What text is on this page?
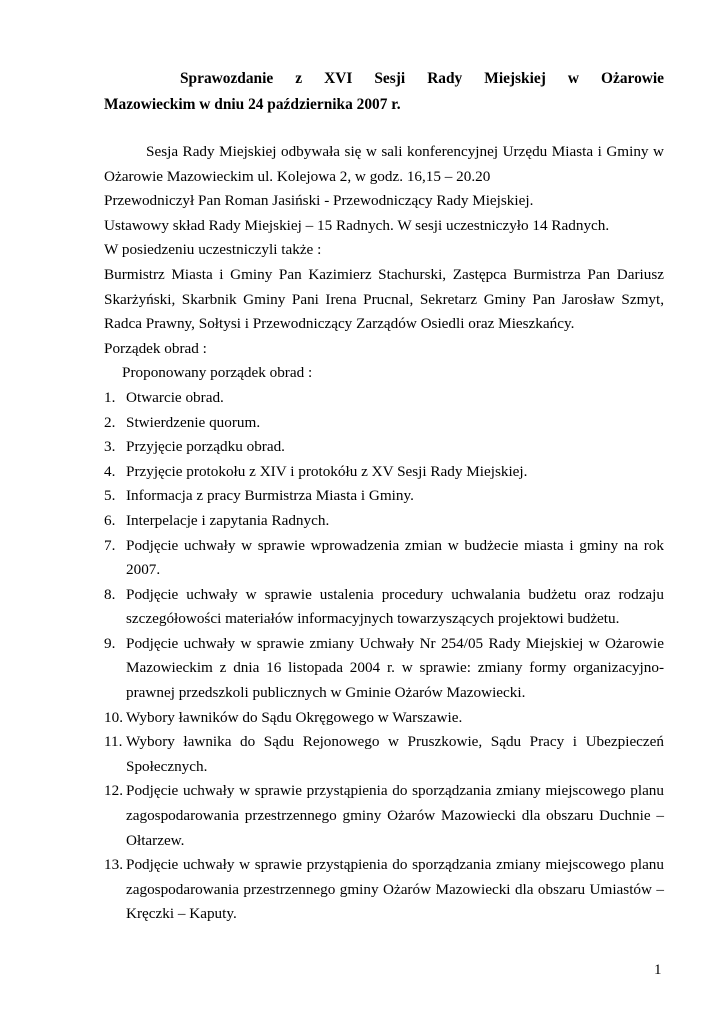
Sprawozdanie z XVI Sesji Rady Miejskiej w Ożarowie
Mazowieckim w dniu 24 października 2007 r.

Sesja Rady Miejskiej odbywała się w sali konferencyjnej Urzędu Miasta i Gminy w Ożarowie Mazowieckim ul. Kolejowa 2, w godz. 16,15 – 20.20

Przewodniczył Pan Roman Jasiński - Przewodniczący Rady Miejskiej.

Ustawowy skład Rady Miejskiej – 15 Radnych. W sesji uczestniczyło 14 Radnych.

W posiedzeniu uczestniczyli także :

Burmistrz Miasta i Gminy Pan Kazimierz Stachurski, Zastępca Burmistrza Pan Dariusz Skarżyński, Skarbnik Gminy Pani Irena Prucnal, Sekretarz Gminy Pan Jarosław Szmyt, Radca Prawny, Sołtysi i Przewodniczący Zarządów Osiedli oraz Mieszkańcy.

Porządek obrad :

Proponowany porządek obrad :

1. Otwarcie obrad.
2. Stwierdzenie quorum.
3. Przyjęcie porządku obrad.
4. Przyjęcie protokołu z XIV i protokółu z XV Sesji Rady Miejskiej.
5. Informacja z pracy Burmistrza Miasta i Gminy.
6. Interpelacje i zapytania Radnych.
7. Podjęcie uchwały w sprawie wprowadzenia zmian w budżecie miasta i gminy na rok 2007.
8. Podjęcie uchwały w sprawie ustalenia procedury uchwalania budżetu oraz rodzaju szczegółowości materiałów informacyjnych towarzyszących projektowi budżetu.
9. Podjęcie uchwały w sprawie zmiany Uchwały Nr 254/05 Rady Miejskiej w Ożarowie Mazowieckim z dnia 16 listopada 2004 r. w sprawie: zmiany formy organizacyjno-prawnej przedszkoli publicznych w Gminie Ożarów Mazowiecki.
10. Wybory ławników do Sądu Okręgowego w Warszawie.
11. Wybory ławnika do Sądu Rejonowego w Pruszkowie, Sądu Pracy i Ubezpieczeń Społecznych.
12. Podjęcie uchwały w sprawie przystąpienia do sporządzania zmiany miejscowego planu zagospodarowania przestrzennego gminy Ożarów Mazowiecki dla obszaru Duchnie – Ołtarzew.
13. Podjęcie uchwały w sprawie przystąpienia do sporządzania zmiany miejscowego planu zagospodarowania przestrzennego gminy Ożarów Mazowiecki dla obszaru Umiastów – Kręczki – Kaputy.
1
